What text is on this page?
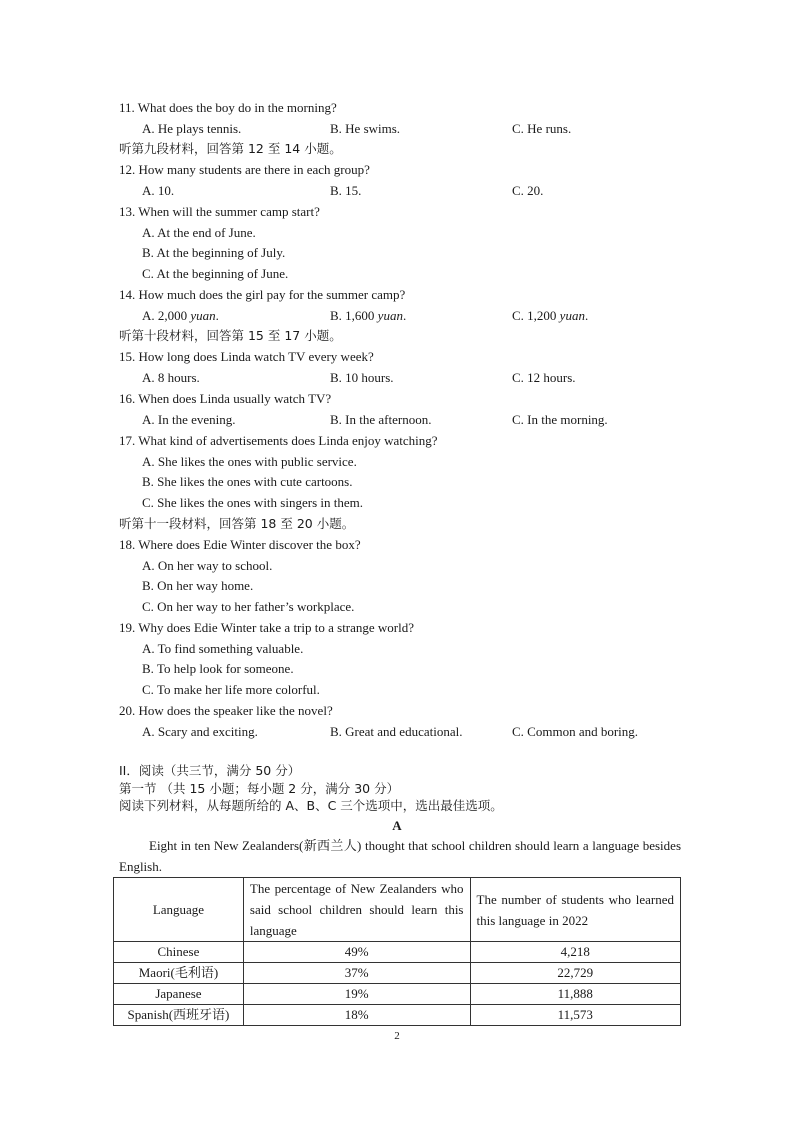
11. What does the boy do in the morning?
A. He plays tennis.	B. He swims.	C. He runs.
听第九段材料，回答第 12 至 14 小题。
12. How many students are there in each group?
A. 10.	B. 15.	C. 20.
13. When will the summer camp start?
A. At the end of June.
B. At the beginning of July.
C. At the beginning of June.
14. How much does the girl pay for the summer camp?
A. 2,000 yuan.	B. 1,600 yuan.	C. 1,200 yuan.
听第十段材料，回答第 15 至 17 小题。
15. How long does Linda watch TV every week?
A. 8 hours.	B. 10 hours.	C. 12 hours.
16. When does Linda usually watch TV?
A. In the evening.	B. In the afternoon.	C. In the morning.
17. What kind of advertisements does Linda enjoy watching?
A. She likes the ones with public service.
B. She likes the ones with cute cartoons.
C. She likes the ones with singers in them.
听第十一段材料，回答第 18 至 20 小题。
18. Where does Edie Winter discover the box?
A. On her way to school.
B. On her way home.
C. On her way to her father’s workplace.
19. Why does Edie Winter take a trip to a strange world?
A. To find something valuable.
B. To help look for someone.
C. To make her life more colorful.
20. How does the speaker like the novel?
A. Scary and exciting.	B. Great and educational.	C. Common and boring.
II．阅读（共三节，满分 50 分）
第一节 （共 15 小题；每小题 2 分，满分 30 分）
阅读下列材料，从每题所给的 A、B、C 三个选项中，选出最佳选项。
A
Eight in ten New Zealanders(新西兰人) thought that school children should learn a language besides English.
Language	The percentage of New Zealanders who said school children should learn this language	The number of students who learned this language in 2022
Chinese	49%	4,218
Maori(毛利语)	37%	22,729
Japanese	19%	11,888
Spanish(西班牙语)	18%	11,573
2
